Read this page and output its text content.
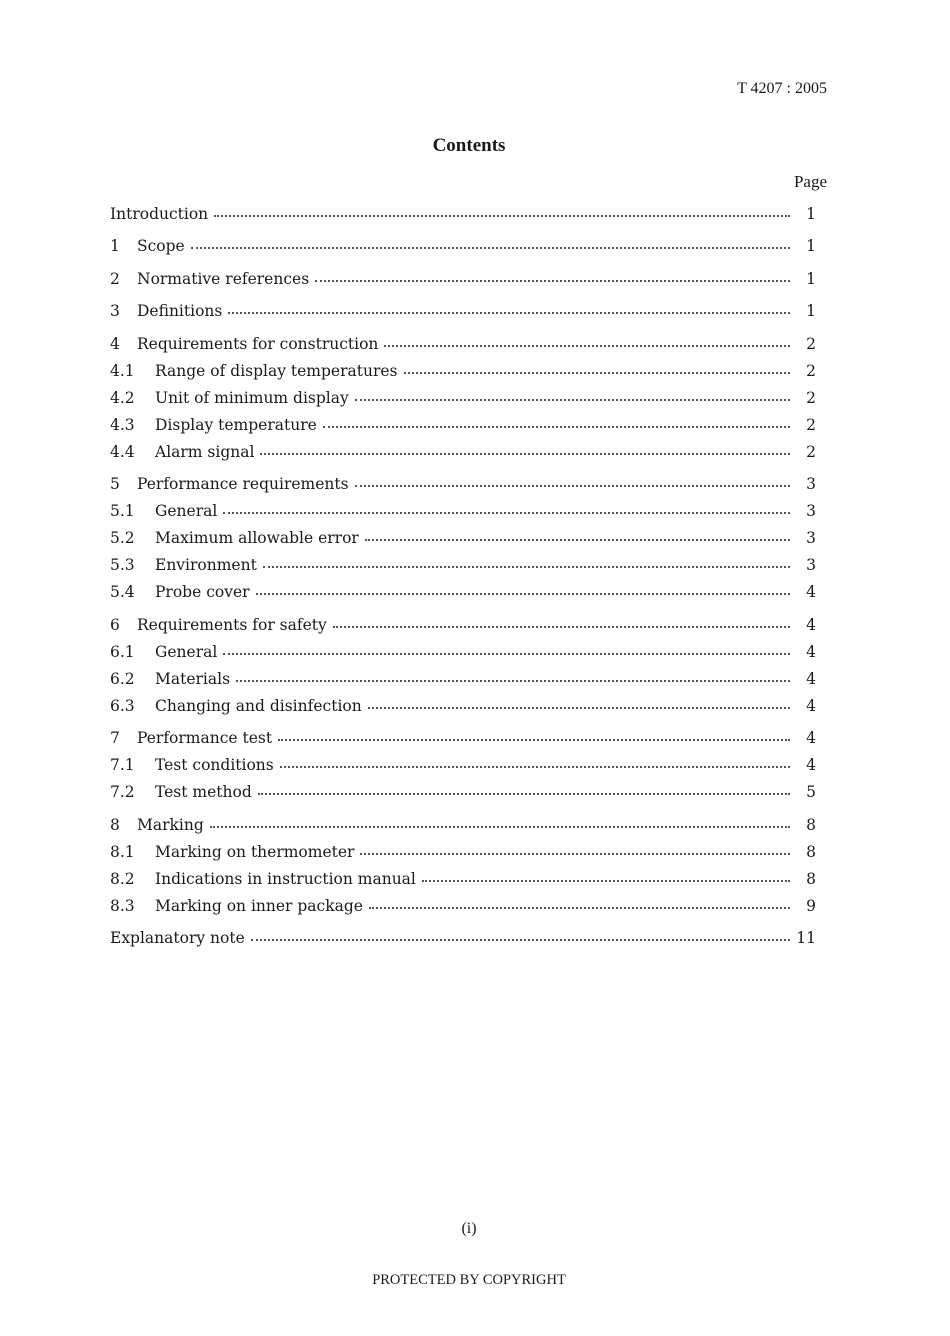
T 4207 : 2005
Contents
Page
Introduction	1
1	Scope	1
2	Normative references	1
3	Definitions	1
4	Requirements for construction	2
4.1	Range of display temperatures	2
4.2	Unit of minimum display	2
4.3	Display temperature	2
4.4	Alarm signal	2
5	Performance requirements	3
5.1	General	3
5.2	Maximum allowable error	3
5.3	Environment	3
5.4	Probe cover	4
6	Requirements for safety	4
6.1	General	4
6.2	Materials	4
6.3	Changing and disinfection	4
7	Performance test	4
7.1	Test conditions	4
7.2	Test method	5
8	Marking	8
8.1	Marking on thermometer	8
8.2	Indications in instruction manual	8
8.3	Marking on inner package	9
Explanatory note	11
(i)
PROTECTED BY COPYRIGHT
